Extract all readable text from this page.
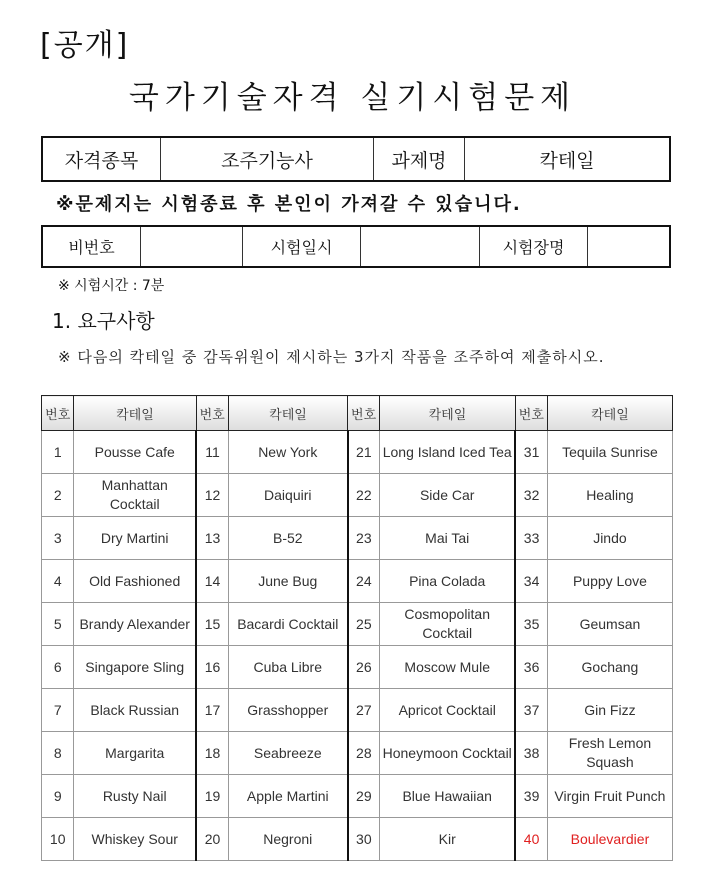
[공개]
국가기술자격 실기시험문제
자격종목	조주기능사	과제명	칵테일
※문제지는 시험종료 후 본인이 가져갈 수 있습니다.
비번호		시험일시		시험장명	
※ 시험시간 : 7분
1. 요구사항
※ 다음의 칵테일 중 감독위원이 제시하는 3가지 작품을 조주하여 제출하시오.
번호	칵테일	번호	칵테일	번호	칵테일	번호	칵테일
1	Pousse Cafe	11	New York	21	Long Island Iced Tea	31	Tequila Sunrise
2	Manhattan Cocktail	12	Daiquiri	22	Side Car	32	Healing
3	Dry Martini	13	B-52	23	Mai Tai	33	Jindo
4	Old Fashioned	14	June Bug	24	Pina Colada	34	Puppy Love
5	Brandy Alexander	15	Bacardi Cocktail	25	Cosmopolitan Cocktail	35	Geumsan
6	Singapore Sling	16	Cuba Libre	26	Moscow Mule	36	Gochang
7	Black Russian	17	Grasshopper	27	Apricot Cocktail	37	Gin Fizz
8	Margarita	18	Seabreeze	28	Honeymoon Cocktail	38	Fresh Lemon Squash
9	Rusty Nail	19	Apple Martini	29	Blue Hawaiian	39	Virgin Fruit Punch
10	Whiskey Sour	20	Negroni	30	Kir	40	Boulevardier
